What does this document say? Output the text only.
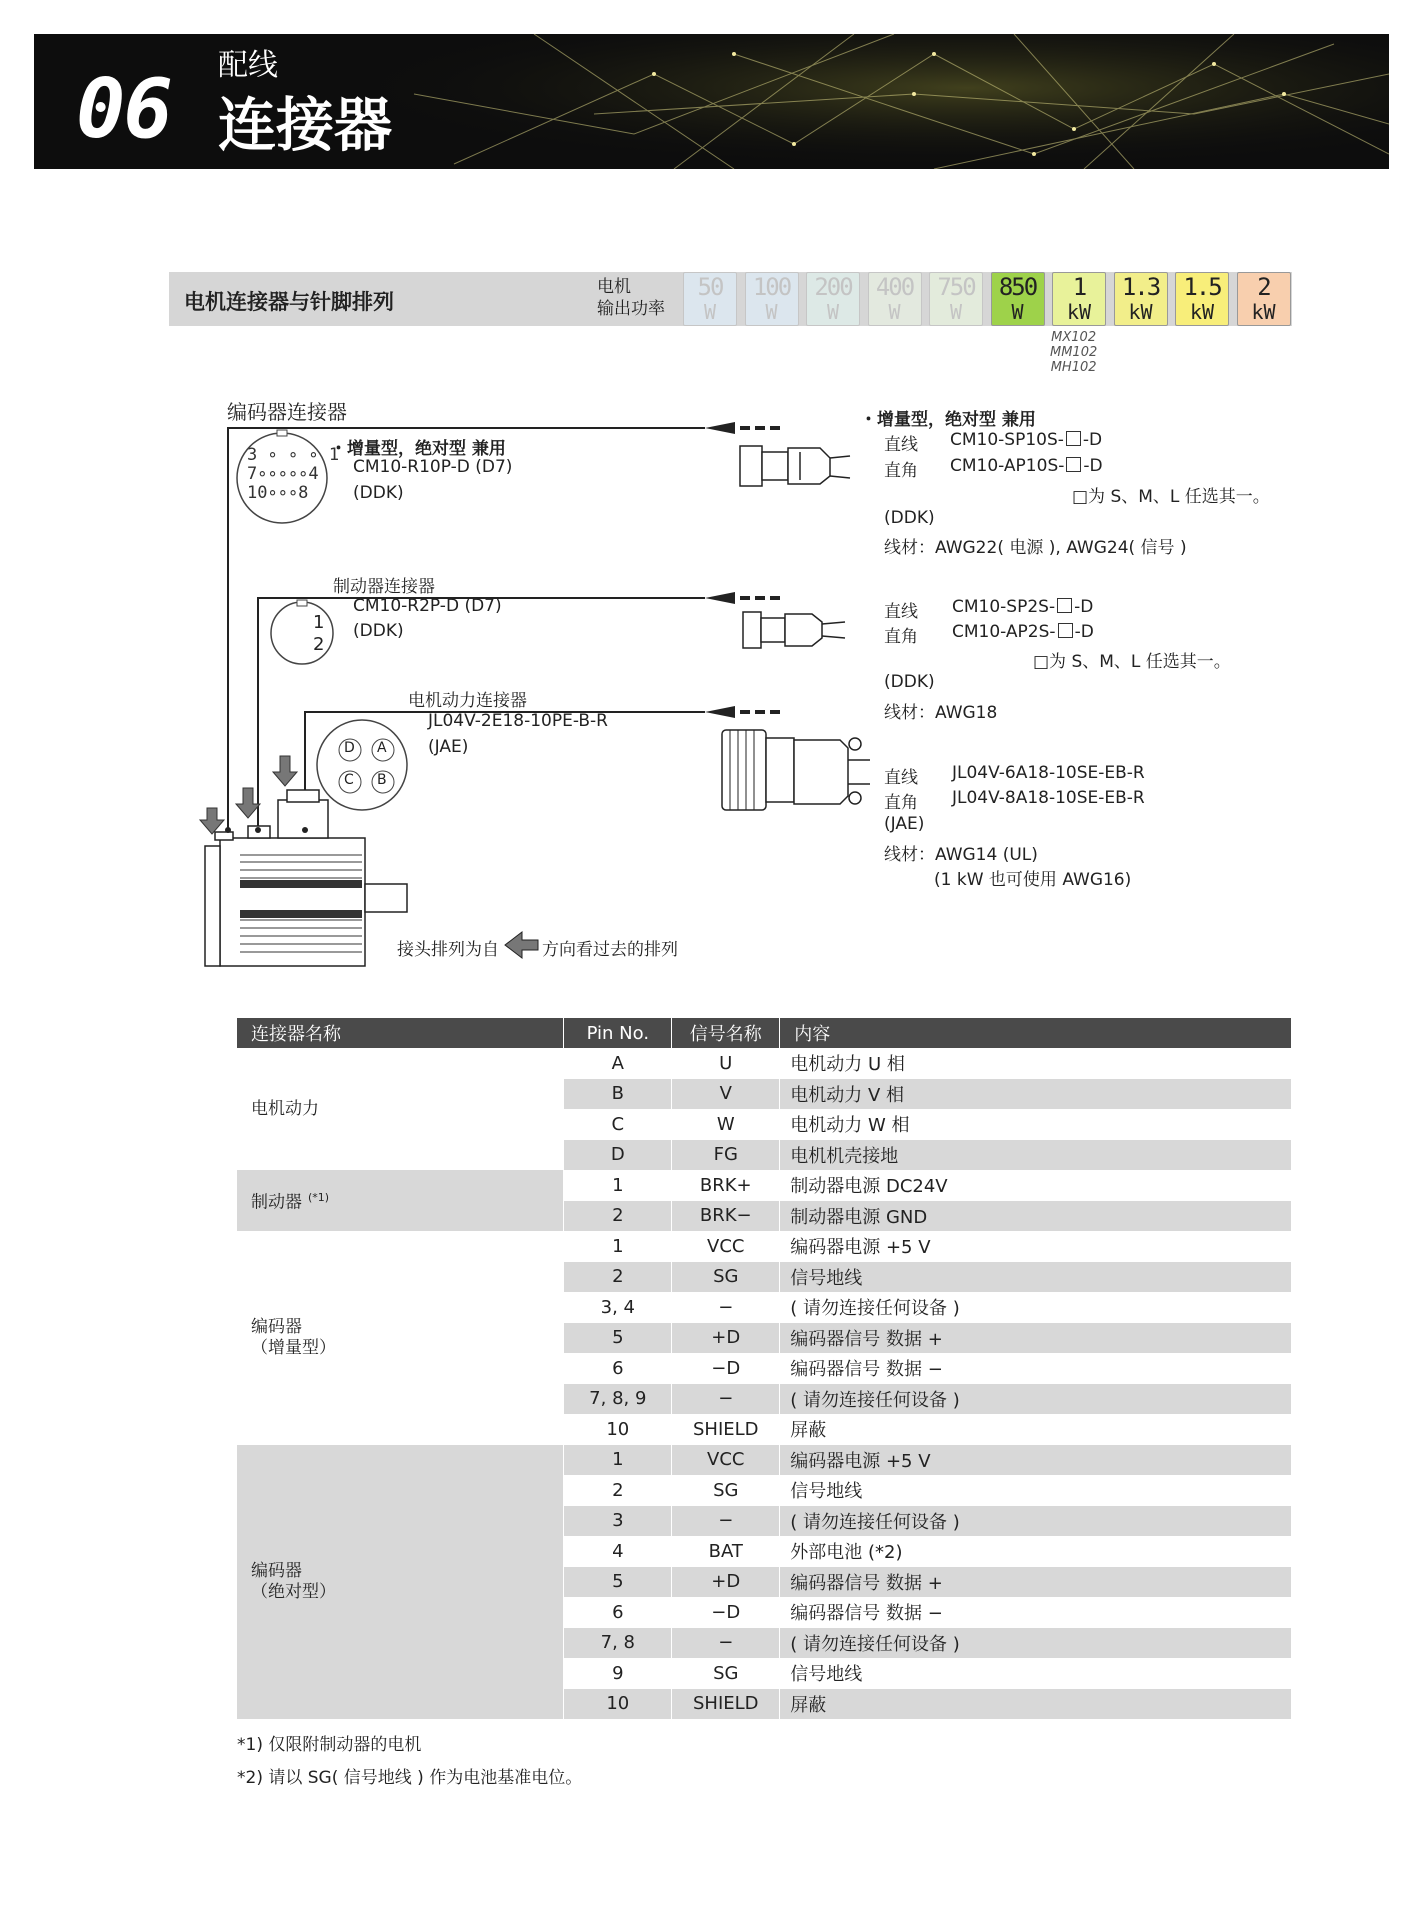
06 配线
连接器
电机连接器与针脚排列
电机
输出功率
50
W
100
W
200
W
400
W
750
W
850
W
1
kW
1.3
kW
1.5
kW
2
kW
MX102
MM102
MH102
编码器连接器
3 ∘ ∘ ∘ 1
7∘∘∘∘∘4
10∘∘∘8
・增量型，绝对型 兼用
CM10-R10P-D (D7)
(DDK)
制动器连接器
CM10-R2P-D (D7)
(DDK)
1
2
电机动力连接器
JL04V-2E18-10PE-B-R
(JAE)
D A
C B
接头排列为自	方向看过去的排列
・增量型，绝对型 兼用
直线 CM10-SP10S- -D
直角 CM10-AP10S- -D
□为 S、M、L 任选其一。
(DDK)
线材：AWG22( 电源 ), AWG24( 信号 )
直线 CM10-SP2S- -D
直角 CM10-AP2S- -D
□为 S、M、L 任选其一。
(DDK)
线材：AWG18
直线 JL04V-6A18-10SE-EB-R
直角 JL04V-8A18-10SE-EB-R
(JAE)
线材：AWG14 (UL)
(1 kW 也可使用 AWG16)
连接器名称	Pin No.	信号名称	内容
电机动力	A	U	电机动力 U 相
	B	V	电机动力 V 相
	C	W	电机动力 W 相
	D	FG	电机机壳接地
制动器 $^{(*1)}$	1	BRK+	制动器电源 DC24V
	2	BRK−	制动器电源 GND
编码器
（增量型）	1	VCC	编码器电源 +5 V
	2	SG	信号地线
	3, 4	−	( 请勿连接任何设备 )
	5	+D	编码器信号 数据 +
	6	−D	编码器信号 数据 −
	7, 8, 9	−	( 请勿连接任何设备 )
	10	SHIELD	屏蔽
编码器
（绝对型）	1	VCC	编码器电源 +5 V
	2	SG	信号地线
	3	−	( 请勿连接任何设备 )
	4	BAT	外部电池 (*2)
	5	+D	编码器信号 数据 +
	6	−D	编码器信号 数据 −
	7, 8	−	( 请勿连接任何设备 )
	9	SG	信号地线
	10	SHIELD	屏蔽
*1) 仅限附制动器的电机
*2) 请以 SG( 信号地线 ) 作为电池基准电位。
